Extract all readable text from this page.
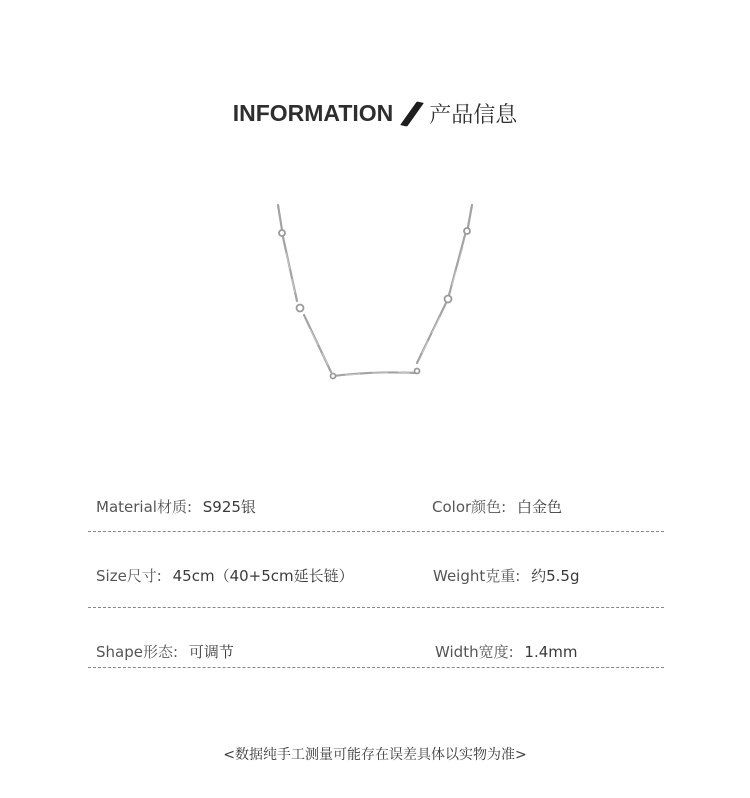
INFORMATION 产品信息
Material材质: S925银	Color颜色: 白金色
Size尺寸: 45cm（40+5cm延长链）	Weight克重: 约5.5g
Shape形态: 可调节	Width宽度: 1.4mm
<数据纯手工测量可能存在误差具体以实物为准>
